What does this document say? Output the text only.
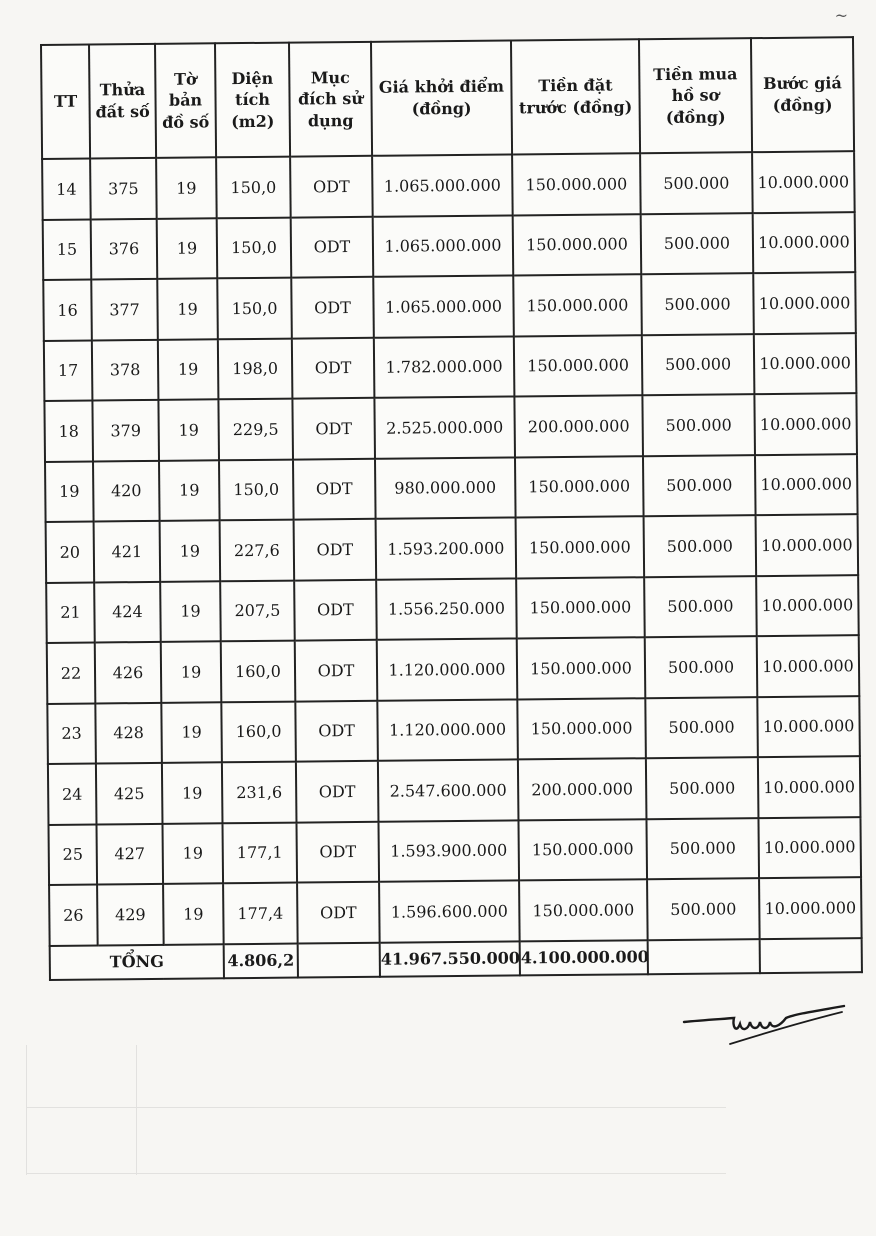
~
TT	Thửa đất số	Tờ bản đồ số	Diện tích (m2)	Mục đích sử dụng	Giá khởi điểm (đồng)	Tiền đặt trước (đồng)	Tiền mua hồ sơ (đồng)	Bước giá (đồng)
14	375	19	150,0	ODT	1.065.000.000	150.000.000	500.000	10.000.000
15	376	19	150,0	ODT	1.065.000.000	150.000.000	500.000	10.000.000
16	377	19	150,0	ODT	1.065.000.000	150.000.000	500.000	10.000.000
17	378	19	198,0	ODT	1.782.000.000	150.000.000	500.000	10.000.000
18	379	19	229,5	ODT	2.525.000.000	200.000.000	500.000	10.000.000
19	420	19	150,0	ODT	980.000.000	150.000.000	500.000	10.000.000
20	421	19	227,6	ODT	1.593.200.000	150.000.000	500.000	10.000.000
21	424	19	207,5	ODT	1.556.250.000	150.000.000	500.000	10.000.000
22	426	19	160,0	ODT	1.120.000.000	150.000.000	500.000	10.000.000
23	428	19	160,0	ODT	1.120.000.000	150.000.000	500.000	10.000.000
24	425	19	231,6	ODT	2.547.600.000	200.000.000	500.000	10.000.000
25	427	19	177,1	ODT	1.593.900.000	150.000.000	500.000	10.000.000
26	429	19	177,4	ODT	1.596.600.000	150.000.000	500.000	10.000.000
TỔNG			4.806,2		41.967.550.000	4.100.000.000		
